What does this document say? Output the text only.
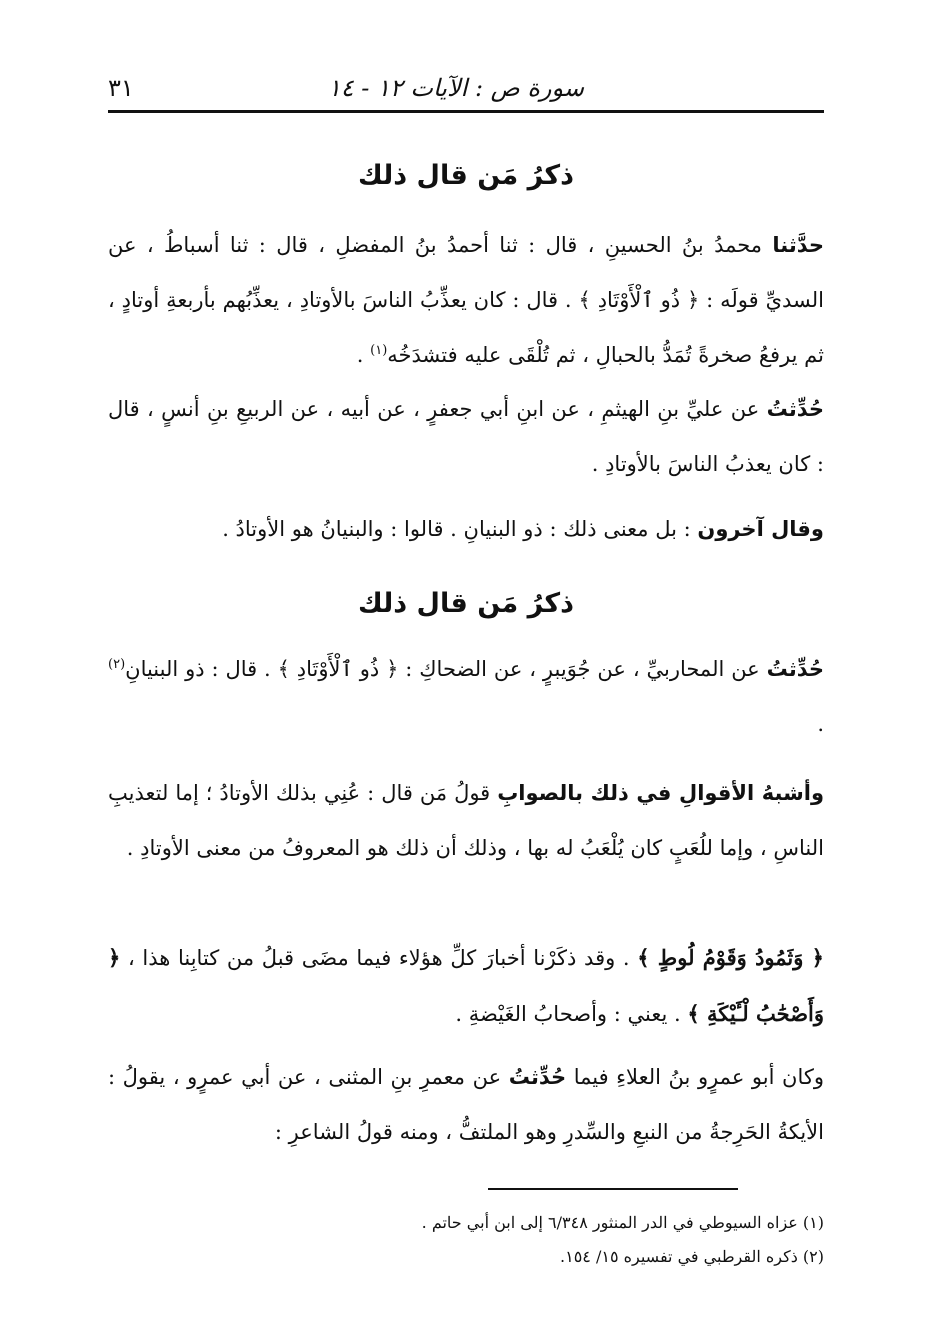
سورة ص : الآيات ١٢ - ١٤
٣١
ذكرُ مَن قال ذلك

حدَّثنا محمدُ بنُ الحسينِ ، قال : ثنا أحمدُ بنُ المفضلِ ، قال : ثنا أسباطُ ، عن السديِّ قولَه : ﴿ ذُو ٱلْأَوْتَادِ ﴾ . قال : كان يعذِّبُ الناسَ بالأوتادِ ، يعذِّبُهم بأربعةِ أوتادٍ ، ثم يرفعُ صخرةً تُمَدُّ بالحبالِ ، ثم تُلْقَى عليه فتشدَخُه$^{(١)}$ .

حُدِّثتُ عن عليِّ بنِ الهيثمِ ، عن ابنِ أبي جعفرٍ ، عن أبيه ، عن الربيعِ بنِ أنسٍ ، قال : كان يعذبُ الناسَ بالأوتادِ .

وقال آخرون : بل معنى ذلك : ذو البنيانِ . قالوا : والبنيانُ هو الأوتادُ .

ذكرُ مَن قال ذلك

حُدِّثتُ عن المحاربيِّ ، عن جُوَيبرٍ ، عن الضحاكِ : ﴿ ذُو ٱلْأَوْتَادِ ﴾ . قال : ذو البنيانِ$^{(٢)}$ .

وأشبهُ الأقوالِ في ذلك بالصوابِ قولُ مَن قال : عُنِي بذلك الأوتادُ ؛ إما لتعذيبِ الناسِ ، وإما للُعَبٍ كان يُلْعَبُ له بها ، وذلك أن ذلك هو المعروفُ من معنى الأوتادِ .

﴿ وَثَمُودُ وَقَوْمُ لُوطٍ ﴾ . وقد ذكَرْنا أخبارَ كلِّ هؤلاء فيما مضَى قبلُ من كتابِنا هذا ، ﴿ وَأَصْحَٰبُ لْـَٔيْكَةِ ﴾ . يعني : وأصحابُ الغَيْضةِ .

وكان أبو عمرٍو بنُ العلاءِ فيما حُدِّثتُ عن معمرِ بنِ المثنى ، عن أبي عمرٍو ، يقولُ : الأيكةُ الحَرِجةُ من النبعِ والسِّدرِ وهو الملتفُّ ، ومنه قولُ الشاعرِ :

(١) عزاه السيوطي في الدر المنثور ٦/٣٤٨ إلى ابن أبي حاتم .
(٢) ذكره القرطبي في تفسيره ١٥/ ١٥٤.
